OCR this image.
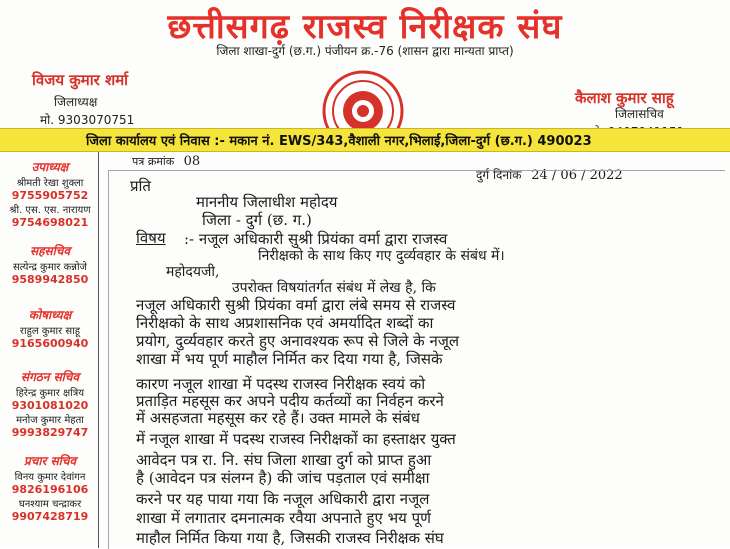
छत्तीसगढ़ राजस्व निरीक्षक संघ
जिला शाखा-दुर्ग (छ.ग.) पंजीयन क्र.-76 (शासन द्वारा मान्यता प्राप्त)
विजय कुमार शर्मा
जिलाध्यक्ष
मो. 9303070751
कैलाश कुमार साहू
जिलासचिव
जिला कार्यालय एवं निवास :- मकान नं. EWS/343,वैशाली नगर,भिलाई,जिला-दुर्ग (छ.ग.) 490023
उपाध्यक्ष
श्रीमती रेखा शुक्ला
9755905752
श्री. एस. एस. नारायण
9754698021
सहसचिव
सत्येन्द्र कुमार कन्नोजे
9589942850
कोषाध्यक्ष
राहुल कुमार साहू
9165600940
संगठन सचिव
हिरेन्द्र कुमार क्षत्रिय
9301081020
मनोज कुमार मेहता
9993829747
प्रचार सचिव
विनय कुमार देवांगन
9826196106
घनश्याम चन्द्राकर
9907428719
पत्र क्रमांक 08
दुर्ग दिनांक 24 / 06 / 2022
प्रति
माननीय जिलाधीश महोदय
जिला - दुर्ग (छ. ग.)
विषय :- नजूल अधिकारी सुश्री प्रियंका वर्मा द्वारा राजस्व
निरीक्षको के साथ किए गए दुर्व्यवहार के संबंध में।
महोदयजी,
उपरोक्त विषयांतर्गत संबंध में लेख है, कि
नजूल अधिकारी सुश्री प्रियंका वर्मा द्वारा लंबे समय से राजस्व
निरीक्षको के साथ अप्रशासनिक एवं अमर्यादित शब्दों का
प्रयोग, दुर्व्यवहार करते हुए अनावश्यक रूप से जिले के नजूल
शाखा में भय पूर्ण माहौल निर्मित कर दिया गया है, जिसके
कारण नजूल शाखा में पदस्थ राजस्व निरीक्षक स्वयं को
प्रताड़ित महसूस कर अपने पदीय कर्तव्यों का निर्वहन करने
में असहजता महसूस कर रहे हैं। उक्त मामले के संबंध
में नजूल शाखा में पदस्थ राजस्व निरीक्षकों का हस्ताक्षर युक्त
आवेदन पत्र रा. नि. संघ जिला शाखा दुर्ग को प्राप्त हुआ
है (आवेदन पत्र संलग्न है) की जांच पड़ताल एवं समीक्षा
करने पर यह पाया गया कि नजूल अधिकारी द्वारा नजूल
शाखा में लगातार दमनात्मक रवैया अपनाते हुए भय पूर्ण
माहौल निर्मित किया गया है, जिसकी राजस्व निरीक्षक संघ
